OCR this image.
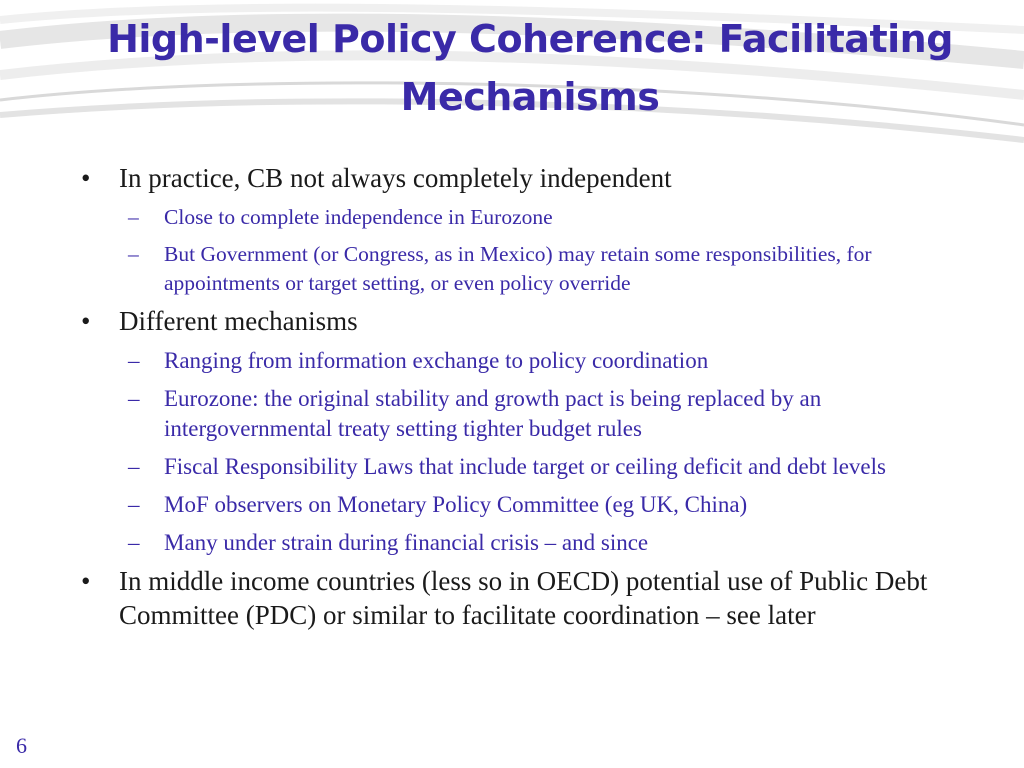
High-level Policy Coherence: Facilitating
Mechanisms
• In practice, CB not always completely independent
– Close to complete independence in Eurozone
– But Government (or Congress, as in Mexico) may retain some responsibilities, for appointments or target setting, or even policy override
• Different mechanisms
– Ranging from information exchange to policy coordination
– Eurozone: the original stability and growth pact is being replaced by an intergovernmental treaty setting tighter budget rules
– Fiscal Responsibility Laws that include target or ceiling deficit and debt levels
– MoF observers on Monetary Policy Committee (eg UK, China)
– Many under strain during financial crisis – and since
• In middle income countries (less so in OECD) potential use of Public Debt Committee (PDC) or similar to facilitate coordination – see later
6
